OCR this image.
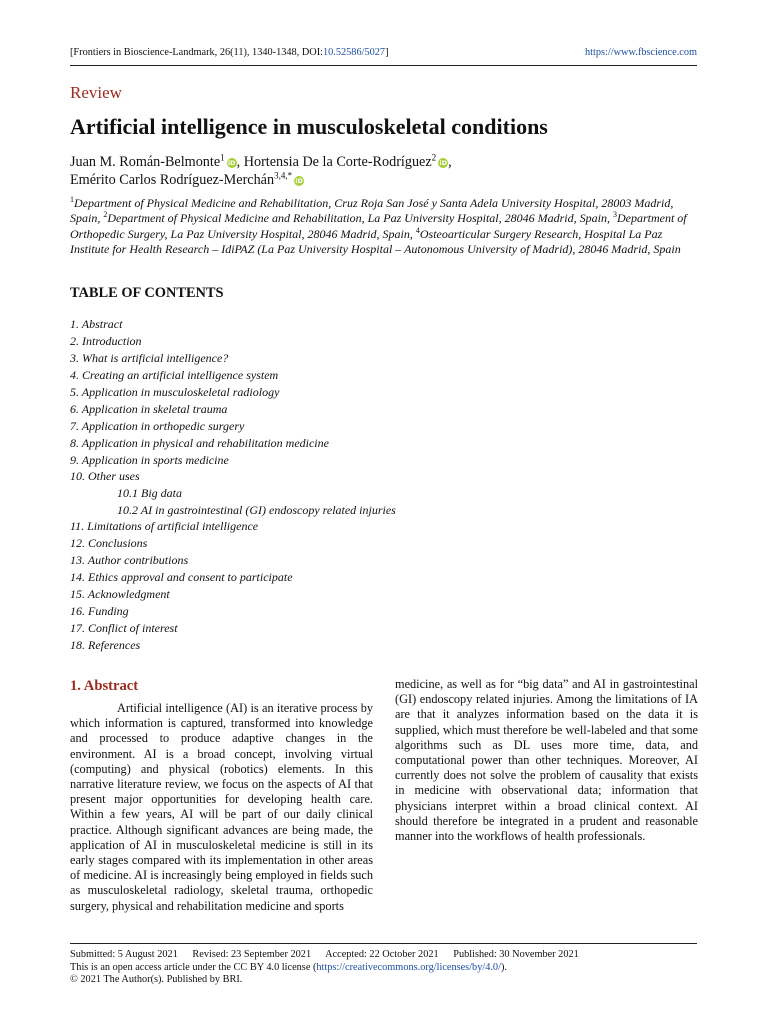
[Frontiers in Bioscience-Landmark, 26(11), 1340-1348, DOI:10.52586/5027]	https://www.fbscience.com
Review
Artificial intelligence in musculoskeletal conditions
Juan M. Román-Belmonte$^1$iD, Hortensia De la Corte-Rodríguez$^2$iD,
Emérito Carlos Rodríguez-Merchán$^{3,4,*}$iD
$^1$Department of Physical Medicine and Rehabilitation, Cruz Roja San José y Santa Adela University Hospital, 28003 Madrid, Spain, $^2$Department of Physical Medicine and Rehabilitation, La Paz University Hospital, 28046 Madrid, Spain, $^3$Department of Orthopedic Surgery, La Paz University Hospital, 28046 Madrid, Spain, $^4$Osteoarticular Surgery Research, Hospital La Paz Institute for Health Research – IdiPAZ (La Paz University Hospital – Autonomous University of Madrid), 28046 Madrid, Spain
TABLE OF CONTENTS
1. Abstract
2. Introduction
3. What is artificial intelligence?
4. Creating an artificial intelligence system
5. Application in musculoskeletal radiology
6. Application in skeletal trauma
7. Application in orthopedic surgery
8. Application in physical and rehabilitation medicine
9. Application in sports medicine
10. Other uses
10.1 Big data
10.2 AI in gastrointestinal (GI) endoscopy related injuries
11. Limitations of artificial intelligence
12. Conclusions
13. Author contributions
14. Ethics approval and consent to participate
15. Acknowledgment
16. Funding
17. Conflict of interest
18. References
1. Abstract

Artificial intelligence (AI) is an iterative process by which information is captured, transformed into knowledge and processed to produce adaptive changes in the environment. AI is a broad concept, involving virtual (computing) and physical (robotics) elements. In this narrative literature review, we focus on the aspects of AI that present major opportunities for developing health care. Within a few years, AI will be part of our daily clinical practice. Although significant advances are being made, the application of AI in musculoskeletal medicine is still in its early stages compared with its implementation in other areas of medicine. AI is increasingly being employed in fields such as musculoskeletal radiology, skeletal trauma, orthopedic surgery, physical and rehabilitation medicine and sports

medicine, as well as for “big data” and AI in gastrointestinal (GI) endoscopy related injuries. Among the limitations of IA are that it analyzes information based on the data it is supplied, which must therefore be well-labeled and that some algorithms such as DL uses more time, data, and computational power than other techniques. Moreover, AI currently does not solve the problem of causality that exists in medicine with observational data; information that physicians interpret within a broad clinical context. AI should therefore be integrated in a prudent and reasonable manner into the workflows of health professionals.

Submitted: 5 August 2021 Revised: 23 September 2021 Accepted: 22 October 2021 Published: 30 November 2021
This is an open access article under the CC BY 4.0 license (https://creativecommons.org/licenses/by/4.0/).
© 2021 The Author(s). Published by BRI.
